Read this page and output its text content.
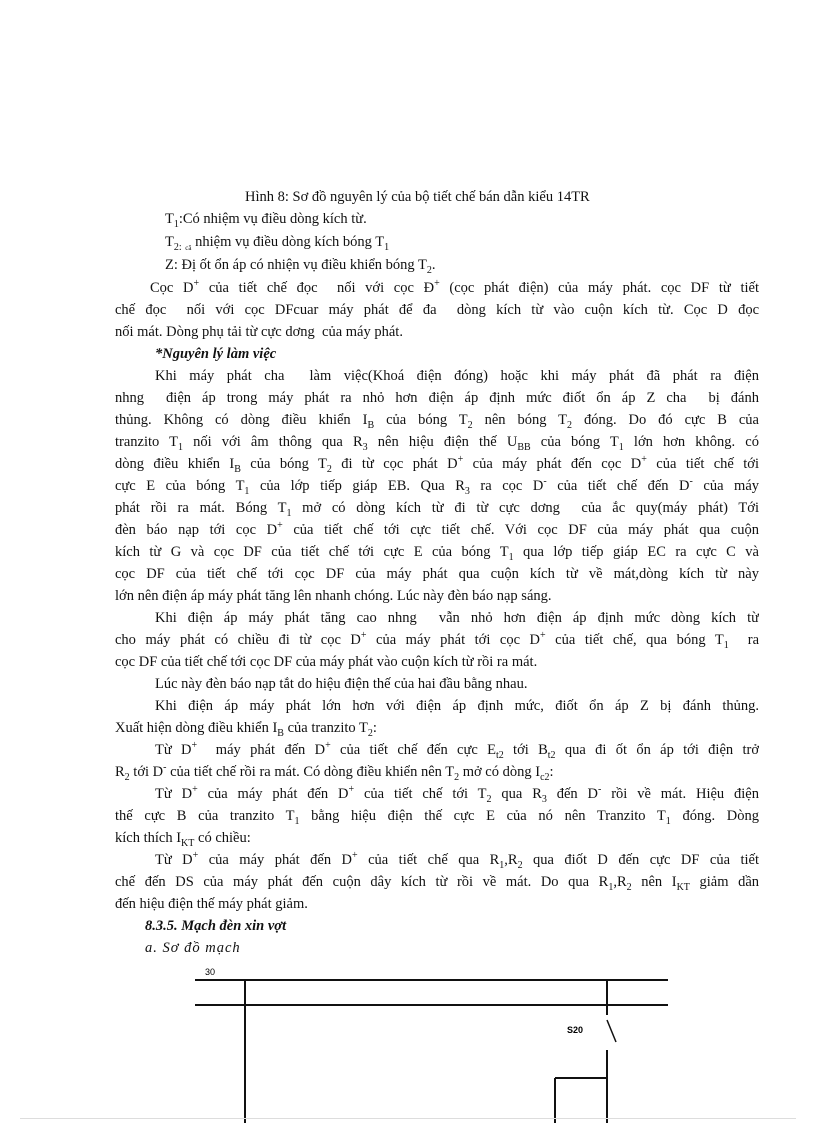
Hình 8: Sơ đồ nguyên lý của bộ tiết chế bán dẫn kiểu 14TR
$T_1:Có$ nhiệm vụ điều dòng kích từ.
$T_{2:}$ $_{cã}$ nhiệm vụ điều dòng kích bóng $T_1$
Z: Đị ốt ổn áp có nhiện vụ điều khiển bóng $T_2$.
Cọc D+ của tiết chế đọc  nối với cọc Đ+ (cọc phát điện) của máy phát. cọc DF từ tiết
chế đọc  nối với cọc DFcuar máy phát để đa  dòng kích từ vào cuộn kích từ. Cọc D đọc
nối mát. Dòng phụ tải từ cực dơng  của máy phát.
*Nguyên lý làm việc
Khi máy phát cha  làm việc(Khoá điện đóng) hoặc khi máy phát đã phát ra điện
nhng  điện áp trong máy phát ra nhỏ hơn điện áp định mức điốt ổn áp Z cha  bị đánh
thủng. Không có dòng điều khiển $I_B$ của bóng $T_2$ nên bóng $T_2$ đóng. Do đó cực B của
tranzito $T_1$ nối với âm thông qua $R_3$ nên hiệu điện thế $U_{BB}$ của bóng $T_1$ lớn hơn không. có
dòng điều khiển $I_B$ của bóng $T_2$ đi từ cọc phát D+ của máy phát đến cọc D+ của tiết chế tới
cực E của bóng $T_1$ của lớp tiếp giáp EB. Qua $R_3$ ra cọc D- của tiết chế đến D- của máy
phát rồi ra mát. Bóng $T_1$ mở có dòng kích từ đi từ cực dơng  của ắc quy(máy phát) Tới
đèn báo nạp tới cọc D+ của tiết chế tới cực tiết chế. Với cọc DF của máy phát qua cuộn
kích từ G và cọc DF của tiết chế tới cực E của bóng $T_1$ qua lớp tiếp giáp EC ra cực C và
cọc DF của tiết chế tới cọc DF của máy phát qua cuộn kích từ về mát,dòng kích từ này
lớn nên điện áp máy phát tăng lên nhanh chóng. Lúc này đèn báo nạp sáng.
Khi điện áp máy phát tăng cao nhng  vẫn nhỏ hơn điện áp định mức dòng kích từ
cho máy phát có chiều đi từ cọc D+ của máy phát tới cọc D+ của tiết chế, qua bóng $T_1$  ra
cọc DF của tiết chế tới cọc DF của máy phát vào cuộn kích từ rồi ra mát.
Lúc này đèn báo nạp tắt do hiệu điện thế của hai đầu bằng nhau.
Khi điện áp máy phát lớn hơn với điện áp định mức, điốt ổn áp Z bị đánh thủng.
Xuất hiện dòng điều khiển $I_B$ của tranzito $T_2$:
Từ D+  máy phát đến D+ của tiết chế đến cực $E_{t2}$ tới $B_{t2}$ qua đi ốt ổn áp tới điện trở
$R_2$ tới D- của tiết chế rồi ra mát. Có dòng điều khiển nên $T_2$ mở có dòng $I_{c2}$:
Từ D+ của máy phát đến D+ của tiết chế tới $T_2$ qua $R_3$ đến D- rồi về mát. Hiệu điện
thế cực B của tranzito $T_1$ bằng hiệu điện thế cực E của nó nên Tranzito $T_1$ đóng. Dòng
kích thích $I_{KT}$ có chiều:
Từ D+ của máy phát đến D+ của tiết chế qua $R_1,R_2$ qua điốt D đến cực DF của tiết
chế đến DS của máy phát đến cuộn dây kích từ rồi về mát. Do qua $R_1,R_2$ nên $I_{KT}$ giảm dần
đến hiệu điện thế máy phát giảm.
8.3.5. Mạch đèn xin vợt
a. Sơ đồ mạch
30
S20
